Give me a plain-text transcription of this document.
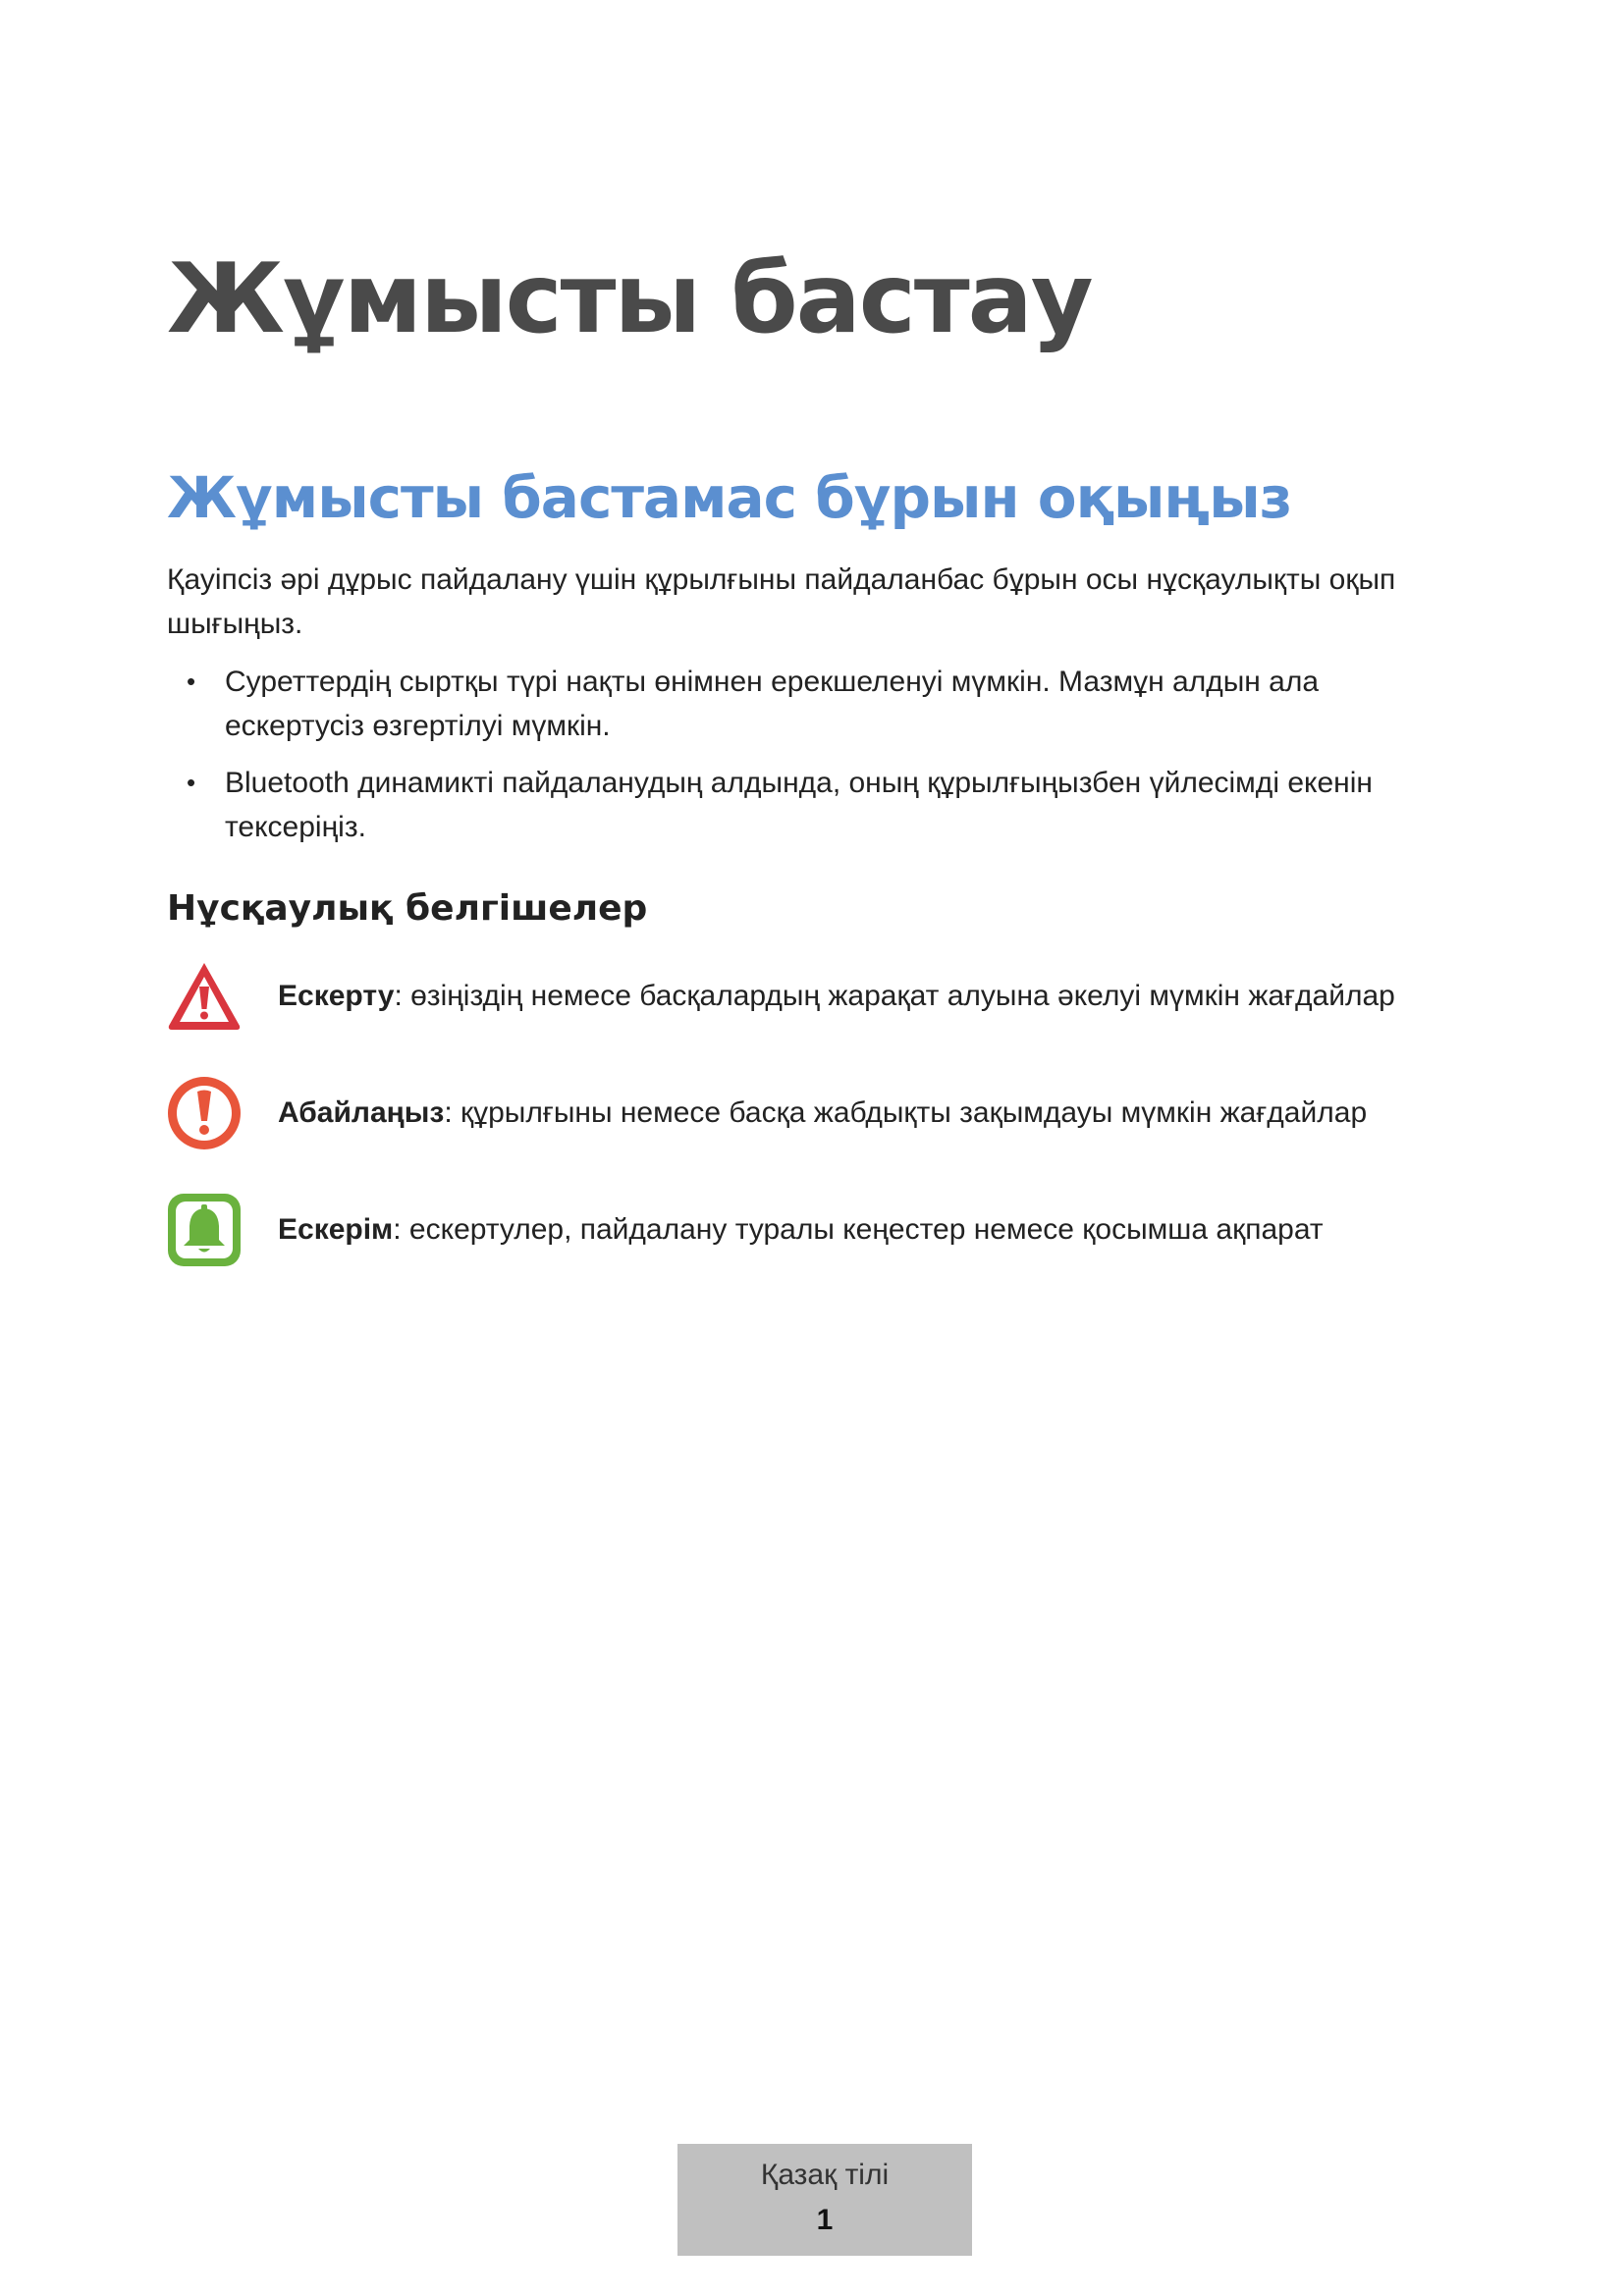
Жұмысты бастау
Жұмысты бастамас бұрын оқыңыз

Қауіпсіз әрі дұрыс пайдалану үшін құрылғыны пайдаланбас бұрын осы нұсқаулықты оқып шығыңыз.

• Суреттердің сыртқы түрі нақты өнімнен ерекшеленуі мүмкін. Мазмұн алдын ала ескертусіз өзгертілуі мүмкін.
• Bluetooth динамикті пайдаланудың алдында, оның құрылғыңызбен үйлесімді екенін тексеріңіз.
Нұсқаулық белгішелер
Ескерту : өзіңіздің немесе басқалардың жарақат алуына әкелуі мүмкін жағдайлар
Абайлаңыз : құрылғыны немесе басқа жабдықты зақымдауы мүмкін жағдайлар
Ескерім : ескертулер, пайдалану туралы кеңестер немесе қосымша ақпарат
Қазақ тілі
1
